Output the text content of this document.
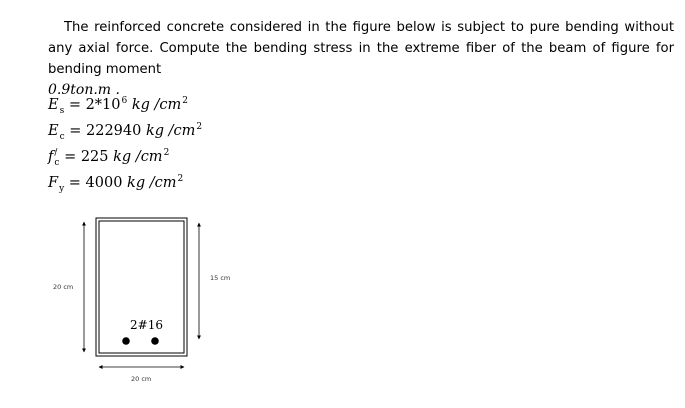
The reinforced concrete considered in the figure below is subject to pure bending without any axial force. Compute the bending stress in the extreme fiber of the beam of figure for bending moment
0.9ton.m .
$E_s = 2*10^6$ kg $/cm^2$
$E_c = 222940$ kg $/cm^2$
$f^/_c = 225$ kg $/cm^2$
$F_y = 4000$ kg $/cm^2$
2#16
20 cm
15 cm
20 cm
